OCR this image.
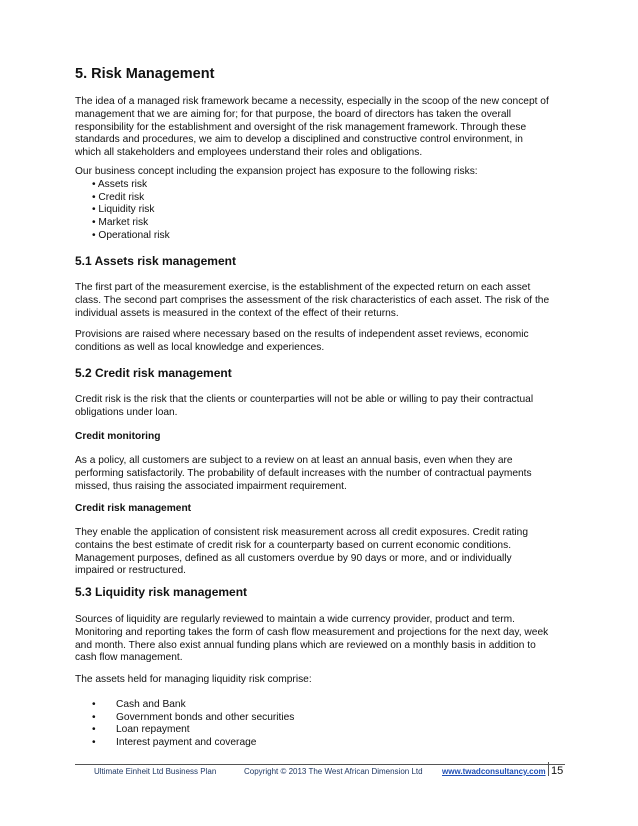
5. Risk Management

The idea of a managed risk framework became a necessity, especially in the scoop of the new concept of
management that we are aiming for; for that purpose, the board of directors has taken the overall
responsibility for the establishment and oversight of the risk management framework. Through these
standards and procedures, we aim to develop a disciplined and constructive control environment, in
which all stakeholders and employees understand their roles and obligations.

Our business concept including the expansion project has exposure to the following risks:

• Assets risk
• Credit risk
• Liquidity risk
• Market risk
• Operational risk
5.1 Assets risk management

The first part of the measurement exercise, is the establishment of the expected return on each asset
class. The second part comprises the assessment of the risk characteristics of each asset. The risk of the
individual assets is measured in the context of the effect of their returns.

Provisions are raised where necessary based on the results of independent asset reviews, economic
conditions as well as local knowledge and experiences.

5.2 Credit risk management

Credit risk is the risk that the clients or counterparties will not be able or willing to pay their contractual
obligations under loan.

Credit monitoring

As a policy, all customers are subject to a review on at least an annual basis, even when they are
performing satisfactorily. The probability of default increases with the number of contractual payments
missed, thus raising the associated impairment requirement.

Credit risk management

They enable the application of consistent risk measurement across all credit exposures. Credit rating
contains the best estimate of credit risk for a counterparty based on current economic conditions.
Management purposes, defined as all customers overdue by 90 days or more, and or individually
impaired or restructured.

5.3 Liquidity risk management

Sources of liquidity are regularly reviewed to maintain a wide currency provider, product and term.
Monitoring and reporting takes the form of cash flow measurement and projections for the next day, week
and month. There also exist annual funding plans which are reviewed on a monthly basis in addition to
cash flow management.

The assets held for managing liquidity risk comprise:

• Cash and Bank
• Government bonds and other securities
• Loan repayment
• Interest payment and coverage
Ultimate Einheit Ltd Business Plan	Copyright © 2013 The West African Dimension Ltd www.twadconsultancy.com 15
